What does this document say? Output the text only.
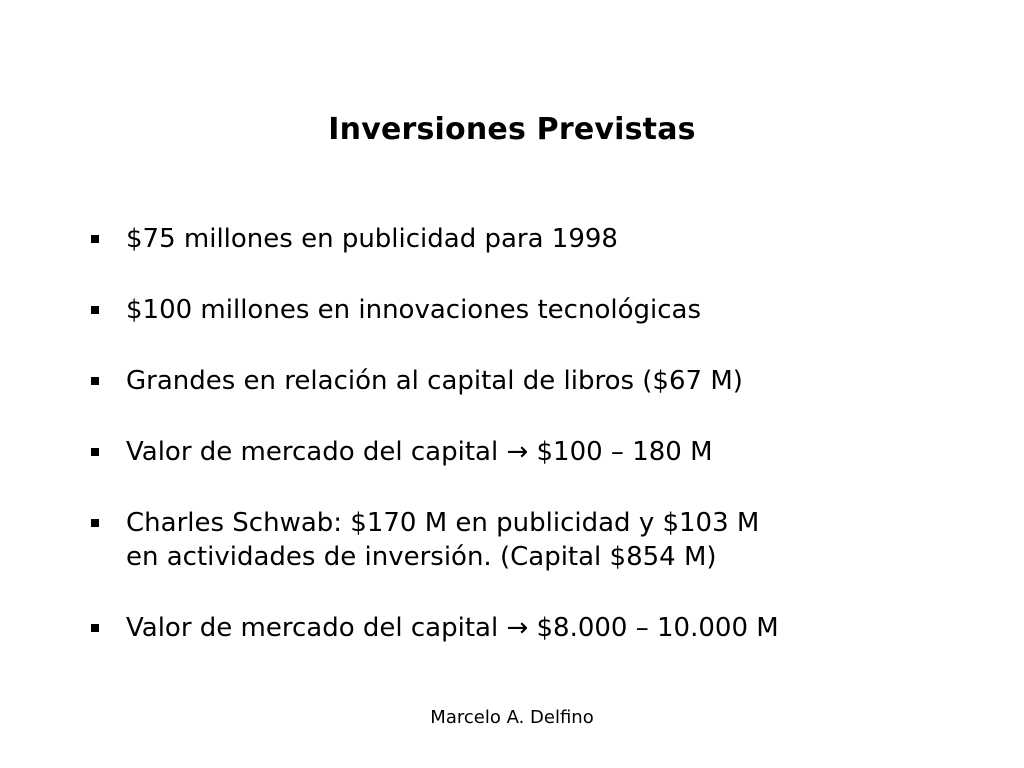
Inversiones Previstas
$75 millones en publicidad para 1998
$100 millones en innovaciones tecnológicas
Grandes en relación al capital de libros ($67 M)
Valor de mercado del capital → $100 – 180 M
Charles Schwab: $170 M en publicidad y $103 M
en actividades de inversión. (Capital $854 M)
Valor de mercado del capital → $8.000 – 10.000 M
Marcelo A. Delfino
